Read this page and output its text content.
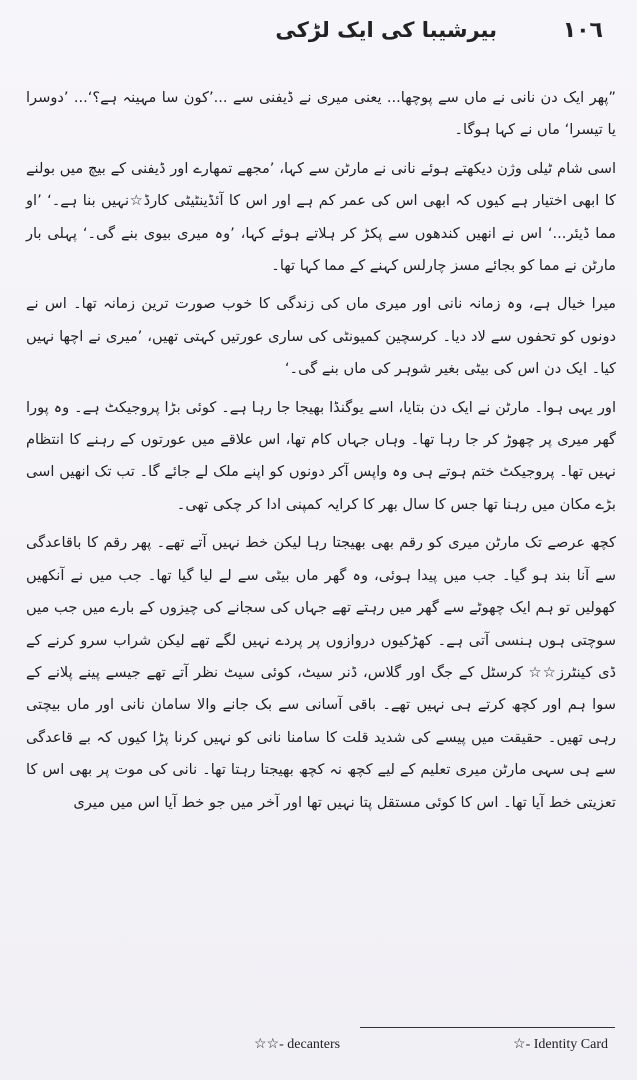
١٠٦
بیرشیبا کی ایک لڑکی

”پھر ایک دن نانی نے ماں سے پوچھا... یعنی میری نے ڈیفنی سے ...’کون سا مہینہ ہے؟‘... ’دوسرا یا تیسرا‘ ماں نے کہا ہوگا۔

اسی شام ٹیلی وژن دیکھتے ہوئے نانی نے مارٹن سے کہا، ’مجھے تمھارے اور ڈیفنی کے بیچ میں بولنے کا ابھی اختیار ہے کیوں کہ ابھی اس کی عمر کم ہے اور اس کا آئڈینٹیٹی کارڈ☆نہیں بنا ہے۔‘ ’او مما ڈیئر...‘ اس نے انھیں کندھوں سے پکڑ کر ہلاتے ہوئے کہا، ’وہ میری بیوی بنے گی۔‘ پہلی بار مارٹن نے مما کو بجائے مسز چارلس کہنے کے مما کہا تھا۔

میرا خیال ہے، وہ زمانہ نانی اور میری ماں کی زندگی کا خوب صورت ترین زمانہ تھا۔ اس نے دونوں کو تحفوں سے لاد دیا۔ کرسچین کمیونٹی کی ساری عورتیں کہتی تھیں، ’میری نے اچھا نہیں کیا۔ ایک دن اس کی بیٹی بغیر شوہر کی ماں بنے گی۔‘

اور یہی ہوا۔ مارٹن نے ایک دن بتایا، اسے یوگنڈا بھیجا جا رہا ہے۔ کوئی بڑا پروجیکٹ ہے۔ وہ پورا گھر میری پر چھوڑ کر جا رہا تھا۔ وہاں جہاں کام تھا، اس علاقے میں عورتوں کے رہنے کا انتظام نہیں تھا۔ پروجیکٹ ختم ہوتے ہی وہ واپس آکر دونوں کو اپنے ملک لے جائے گا۔ تب تک انھیں اسی بڑے مکان میں رہنا تھا جس کا سال بھر کا کرایہ کمپنی ادا کر چکی تھی۔

کچھ عرصے تک مارٹن میری کو رقم بھی بھیجتا رہا لیکن خط نہیں آتے تھے۔ پھر رقم کا باقاعدگی سے آنا بند ہو گیا۔ جب میں پیدا ہوئی، وہ گھر ماں بیٹی سے لے لیا گیا تھا۔ جب میں نے آنکھیں کھولیں تو ہم ایک چھوٹے سے گھر میں رہتے تھے جہاں کی سجانے کی چیزوں کے بارے میں جب میں سوچتی ہوں ہنسی آتی ہے۔ کھڑکیوں دروازوں پر پردے نہیں لگے تھے لیکن شراب سرو کرنے کے ڈی کینٹرز☆☆ کرسٹل کے جگ اور گلاس، ڈنر سیٹ، کوئی سیٹ نظر آتے تھے جیسے پینے پلانے کے سوا ہم اور کچھ کرتے ہی نہیں تھے۔ باقی آسانی سے بک جانے والا سامان نانی اور ماں بیچتی رہی تھیں۔ حقیقت میں پیسے کی شدید قلت کا سامنا نانی کو نہیں کرنا پڑا کیوں کہ بے قاعدگی سے ہی سہی مارٹن میری تعلیم کے لیے کچھ نہ کچھ بھیجتا رہتا تھا۔ نانی کی موت پر بھی اس کا تعزیتی خط آیا تھا۔ اس کا کوئی مستقل پتا نہیں تھا اور آخر میں جو خط آیا اس میں میری

☆☆- decanters	☆- Identity Card
